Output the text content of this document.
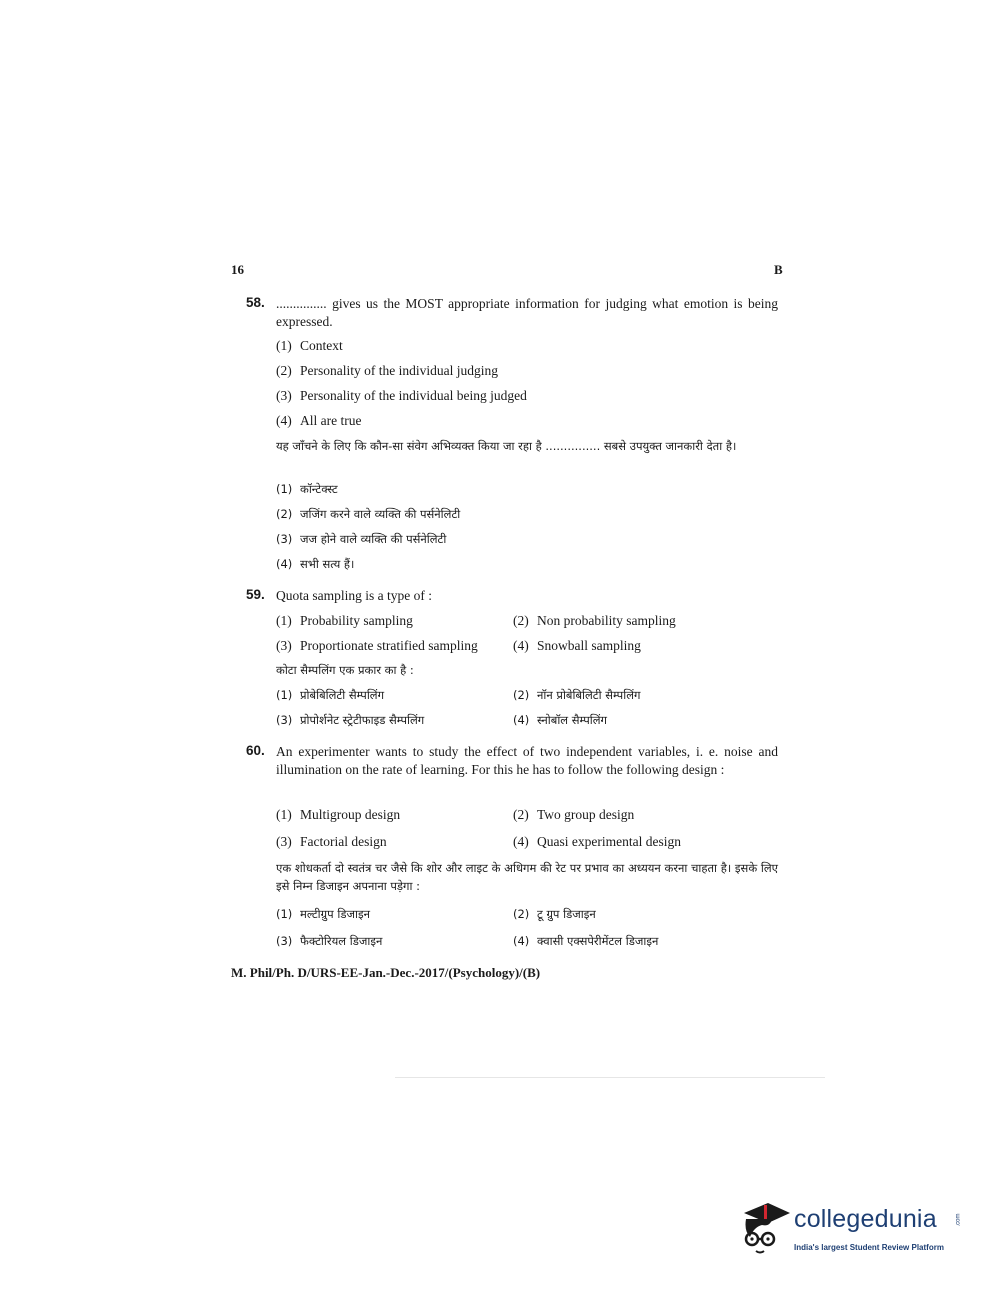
16	B
58. ............... gives us the MOST appropriate information for judging what emotion is being expressed.
(1) Context
(2) Personality of the individual judging
(3) Personality of the individual being judged
(4) All are true
यह जाँचने के लिए कि कौन-सा संवेग अभिव्यक्त किया जा रहा है ............... सबसे उपयुक्त जानकारी देता है।
(1) कॉन्टेक्स्ट
(2) जजिंग करने वाले व्यक्ति की पर्सनेलिटी
(3) जज होने वाले व्यक्ति की पर्सनेलिटी
(4) सभी सत्य हैं।
59. Quota sampling is a type of :
(1) Probability sampling	(2) Non probability sampling
(3) Proportionate stratified sampling	(4) Snowball sampling
कोटा सैम्पलिंग एक प्रकार का है :
(1) प्रोबेबिलिटी सैम्पलिंग	(2) नॉन प्रोबेबिलिटी सैम्पलिंग
(3) प्रोपोर्शनेट स्ट्रेटीफाइड सैम्पलिंग	(4) स्नोबॉल सैम्पलिंग
60. An experimenter wants to study the effect of two independent variables, i. e. noise and illumination on the rate of learning. For this he has to follow the following design :
(1) Multigroup design	(2) Two group design
(3) Factorial design	(4) Quasi experimental design
एक शोधकर्ता दो स्वतंत्र चर जैसे कि शोर और लाइट के अधिगम की रेट पर प्रभाव का अध्ययन करना चाहता है। इसके लिए इसे निम्न डिजाइन अपनाना पड़ेगा :
(1) मल्टीग्रुप डिजाइन	(2) टू ग्रुप डिजाइन
(3) फैक्टोरियल डिजाइन	(4) क्वासी एक्सपेरीमेंटल डिजाइन
M. Phil/Ph. D/URS-EE-Jan.-Dec.-2017/(Psychology)/(B)
collegedunia	.com
India's largest Student Review Platform
